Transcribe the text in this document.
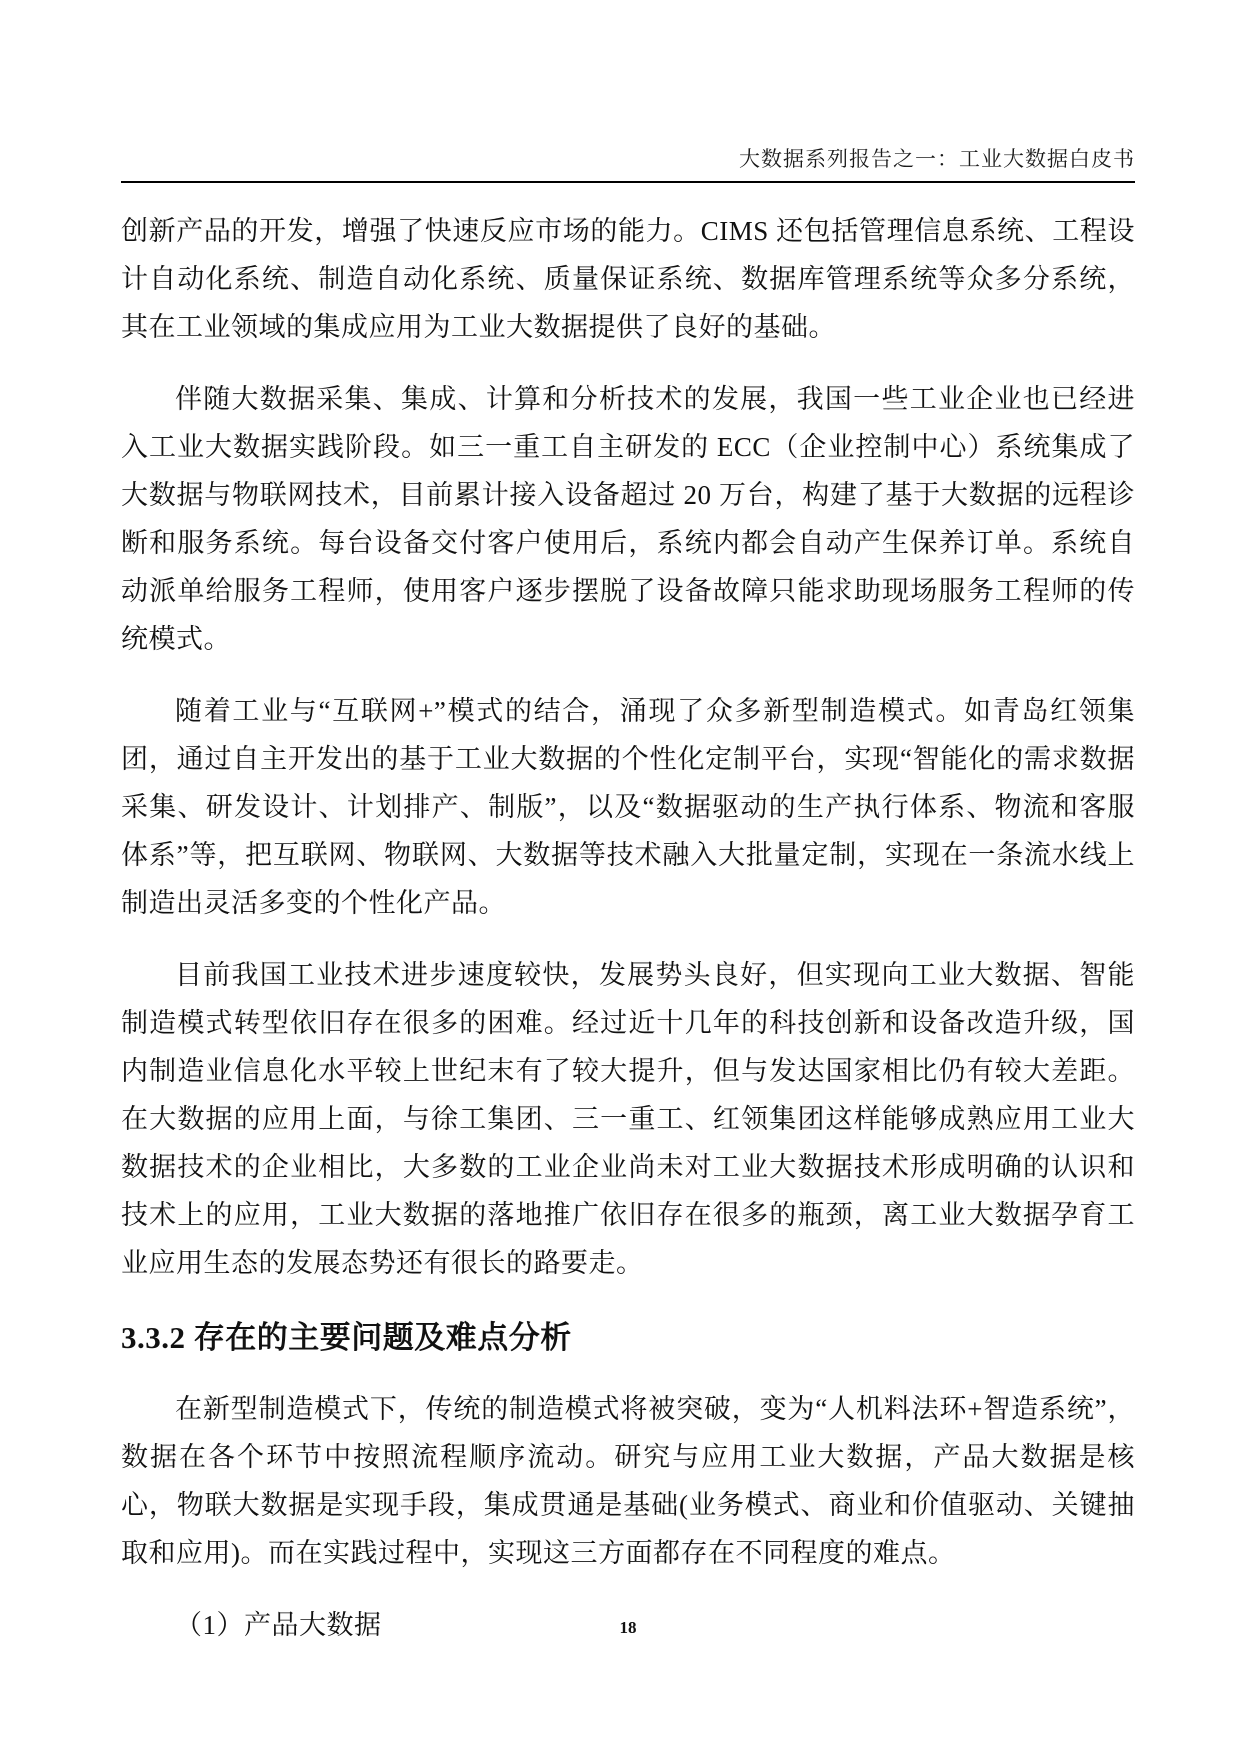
大数据系列报告之一：工业大数据白皮书

创新产品的开发，增强了快速反应市场的能力。CIMS 还包括管理信息系统、工程设计自动化系统、制造自动化系统、质量保证系统、数据库管理系统等众多分系统，其在工业领域的集成应用为工业大数据提供了良好的基础。

伴随大数据采集、集成、计算和分析技术的发展，我国一些工业企业也已经进入工业大数据实践阶段。如三一重工自主研发的 ECC（企业控制中心）系统集成了大数据与物联网技术，目前累计接入设备超过 20 万台，构建了基于大数据的远程诊断和服务系统。每台设备交付客户使用后，系统内都会自动产生保养订单。系统自动派单给服务工程师，使用客户逐步摆脱了设备故障只能求助现场服务工程师的传统模式。

随着工业与“互联网+”模式的结合，涌现了众多新型制造模式。如青岛红领集团，通过自主开发出的基于工业大数据的个性化定制平台，实现“智能化的需求数据采集、研发设计、计划排产、制版”，以及“数据驱动的生产执行体系、物流和客服体系”等，把互联网、物联网、大数据等技术融入大批量定制，实现在一条流水线上制造出灵活多变的个性化产品。

目前我国工业技术进步速度较快，发展势头良好，但实现向工业大数据、智能制造模式转型依旧存在很多的困难。经过近十几年的科技创新和设备改造升级，国内制造业信息化水平较上世纪末有了较大提升，但与发达国家相比仍有较大差距。在大数据的应用上面，与徐工集团、三一重工、红领集团这样能够成熟应用工业大数据技术的企业相比，大多数的工业企业尚未对工业大数据技术形成明确的认识和技术上的应用，工业大数据的落地推广依旧存在很多的瓶颈，离工业大数据孕育工业应用生态的发展态势还有很长的路要走。

3.3.2 存在的主要问题及难点分析

在新型制造模式下，传统的制造模式将被突破，变为“人机料法环+智造系统”，数据在各个环节中按照流程顺序流动。研究与应用工业大数据，产品大数据是核心，物联大数据是实现手段，集成贯通是基础(业务模式、商业和价值驱动、关键抽取和应用)。而在实践过程中，实现这三方面都存在不同程度的难点。

（1）产品大数据	18
